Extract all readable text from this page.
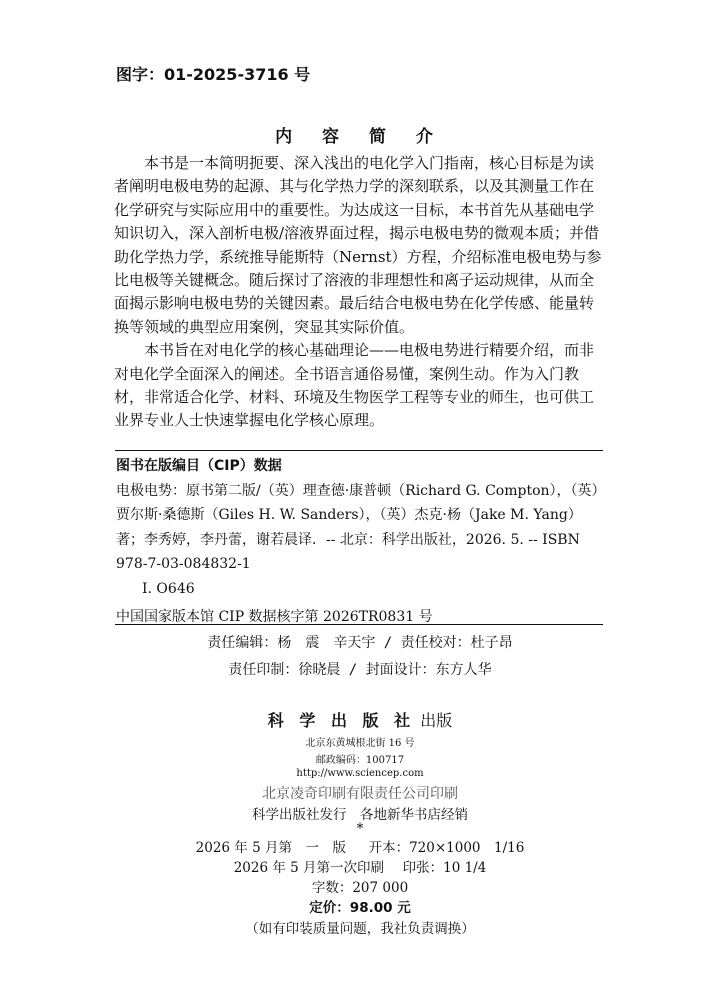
图字：01-2025-3716 号
内 容 简 介

本书是一本简明扼要、深入浅出的电化学入门指南，核心目标是为读者阐明电极电势的起源、其与化学热力学的深刻联系，以及其测量工作在化学研究与实际应用中的重要性。为达成这一目标，本书首先从基础电学知识切入，深入剖析电极/溶液界面过程，揭示电极电势的微观本质；并借助化学热力学，系统推导能斯特（Nernst）方程，介绍标准电极电势与参比电极等关键概念。随后探讨了溶液的非理想性和离子运动规律，从而全面揭示影响电极电势的关键因素。最后结合电极电势在化学传感、能量转换等领域的典型应用案例，突显其实际价值。

本书旨在对电化学的核心基础理论——电极电势进行精要介绍，而非对电化学全面深入的阐述。全书语言通俗易懂，案例生动。作为入门教材，非常适合化学、材料、环境及生物医学工程等专业的师生，也可供工业界专业人士快速掌握电化学核心原理。

图书在版编目（CIP）数据
电极电势：原书第二版/（英）理查德·康普顿（Richard G. Compton），（英）贾尔斯·桑德斯（Giles H. W. Sanders），（英）杰克·杨（Jake M. Yang）著；李秀婷，李丹蕾，谢若晨译．-- 北京：科学出版社，2026. 5. -- ISBN 978-7-03-084832-1
Ⅰ. O646
中国国家版本馆 CIP 数据核字第 2026TR0831 号
责任编辑：杨　震　辛天宇 / 责任校对：杜子昂
责任印制：徐晓晨 / 封面设计：东方人华
科 学 出 版 社 出版
北京东黄城根北街 16 号
邮政编码：100717
http://www.sciencep.com
北京凌奇印刷有限责任公司印刷
科学出版社发行　各地新华书店经销
*
2026 年 5 月第　一　版 开本：720×1000　1/16
2026 年 5 月第一次印刷 印张：10 1/4
字数：207 000
定价：98.00 元
（如有印装质量问题，我社负责调换）
